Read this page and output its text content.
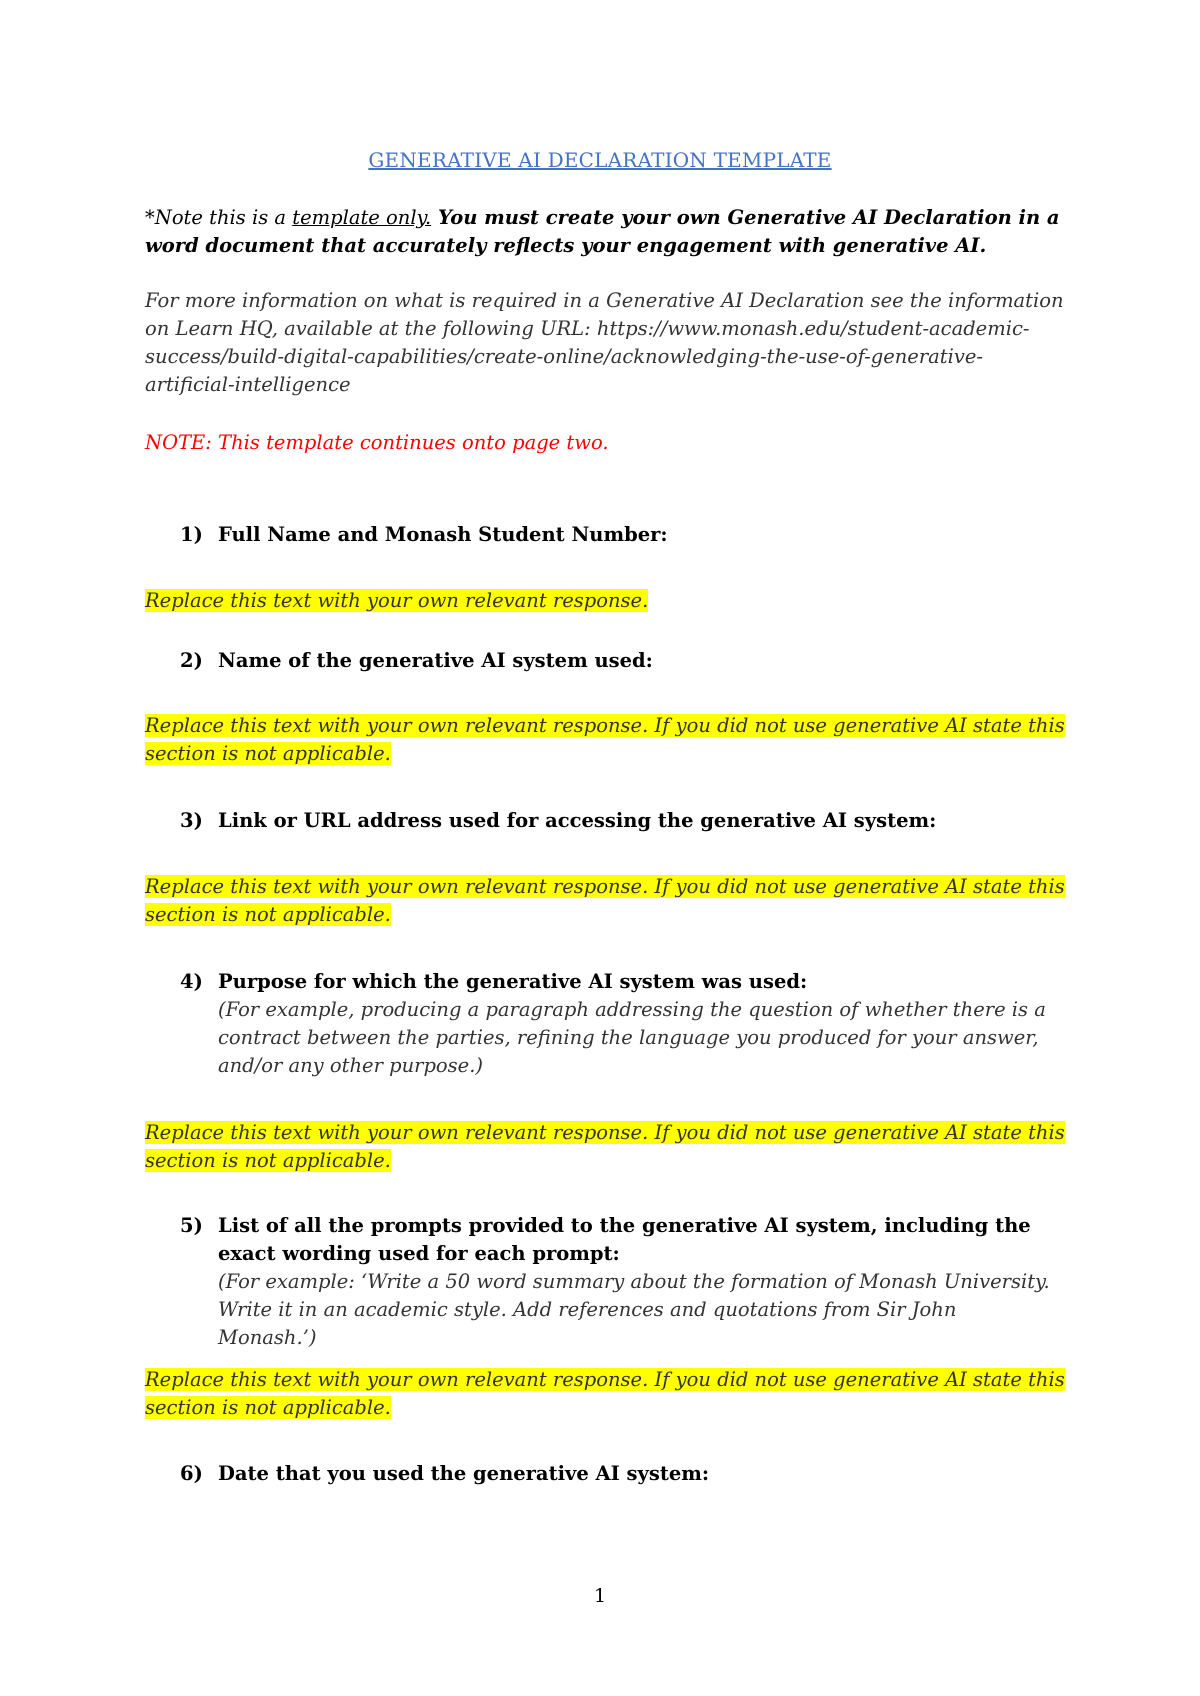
GENERATIVE AI DECLARATION TEMPLATE
*Note this is a template only. You must create your own Generative AI Declaration in a word document that accurately reflects your engagement with generative AI.
For more information on what is required in a Generative AI Declaration see the information on Learn HQ, available at the following URL: https://www.monash.edu/student-academic-success/build-digital-capabilities/create-online/acknowledging-the-use-of-generative-artificial-intelligence
NOTE: This template continues onto page two.
1) Full Name and Monash Student Number:
Replace this text with your own relevant response.
2) Name of the generative AI system used:
Replace this text with your own relevant response. If you did not use generative AI state this section is not applicable.
3) Link or URL address used for accessing the generative AI system:
Replace this text with your own relevant response. If you did not use generative AI state this section is not applicable.
4) Purpose for which the generative AI system was used:
(For example, producing a paragraph addressing the question of whether there is a contract between the parties, refining the language you produced for your answer, and/or any other purpose.)
Replace this text with your own relevant response. If you did not use generative AI state this section is not applicable.
5) List of all the prompts provided to the generative AI system, including the exact wording used for each prompt:
(For example: ‘Write a 50 word summary about the formation of Monash University. Write it in an academic style. Add references and quotations from Sir John Monash.’)
Replace this text with your own relevant response. If you did not use generative AI state this section is not applicable.
6) Date that you used the generative AI system:
1
